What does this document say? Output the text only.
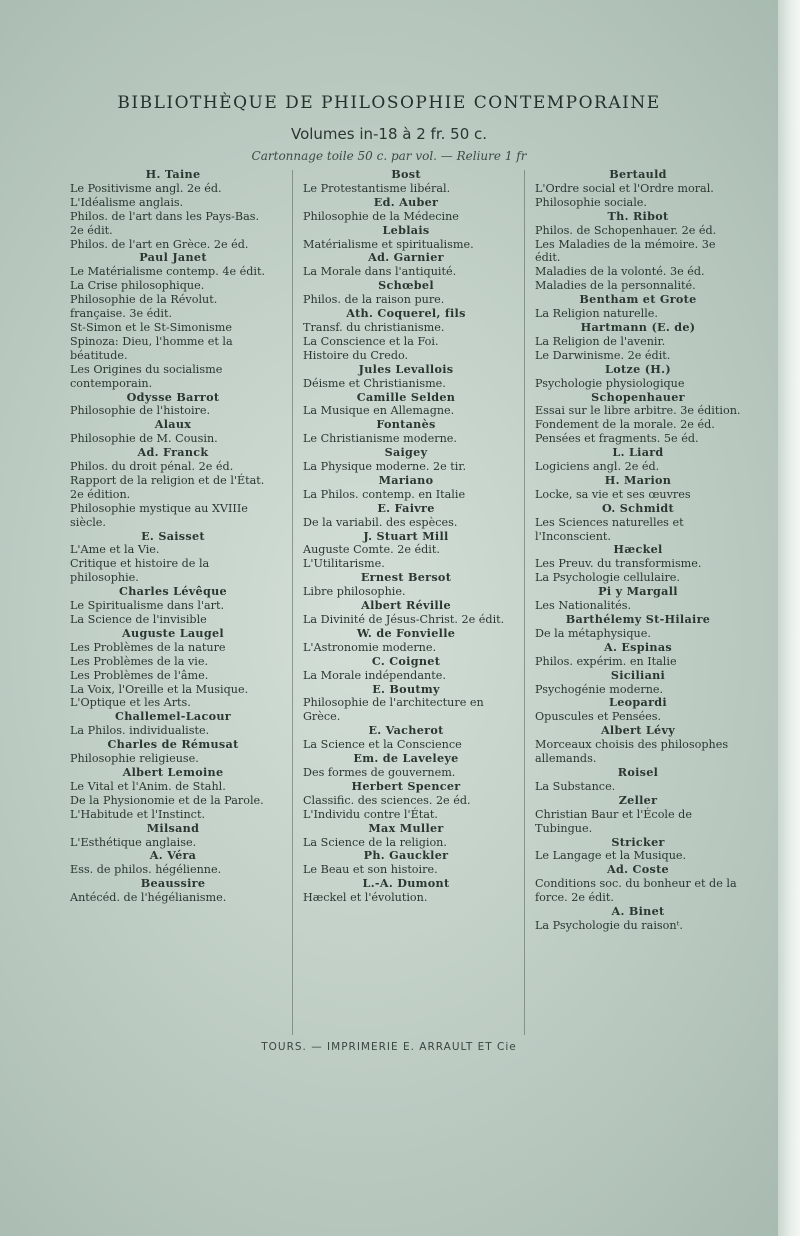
BIBLIOTHÈQUE DE PHILOSOPHIE CONTEMPORAINE
Volumes in-18 à 2 fr. 50 c.
Cartonnage toile 50 c. par vol. — Reliure 1 fr
H. Taine
Le Positivisme angl. 2e éd.
L'Idéalisme anglais.
Philos. de l'art dans les Pays-Bas. 2e édit.
Philos. de l'art en Grèce. 2e éd.
Paul Janet
Le Matérialisme contemp. 4e édit.
La Crise philosophique.
Philosophie de la Révolut. française. 3e édit.
St-Simon et le St-Simonisme
Spinoza: Dieu, l'homme et la béatitude.
Les Origines du socialisme contemporain.
Odysse Barrot
Philosophie de l'histoire.
Alaux
Philosophie de M. Cousin.
Ad. Franck
Philos. du droit pénal. 2e éd.
Rapport de la religion et de l'État. 2e édition.
Philosophie mystique au XVIIIe siècle.
E. Saisset
L'Ame et la Vie.
Critique et histoire de la philosophie.
Charles Lévêque
Le Spiritualisme dans l'art.
La Science de l'invisible
Auguste Laugel
Les Problèmes de la nature
Les Problèmes de la vie.
Les Problèmes de l'âme.
La Voix, l'Oreille et la Musique.
L'Optique et les Arts.
Challemel-Lacour
La Philos. individualiste.
Charles de Rémusat
Philosophie religieuse.
Albert Lemoine
Le Vital et l'Anim. de Stahl.
De la Physionomie et de la Parole.
L'Habitude et l'Instinct.
Milsand
L'Esthétique anglaise.
A. Véra
Ess. de philos. hégélienne.
Beaussire
Antécéd. de l'hégélianisme.
Bost
Le Protestantisme libéral.
Ed. Auber
Philosophie de la Médecine
Leblais
Matérialisme et spiritualisme.
Ad. Garnier
La Morale dans l'antiquité.
Schœbel
Philos. de la raison pure.
Ath. Coquerel, fils
Transf. du christianisme.
La Conscience et la Foi.
Histoire du Credo.
Jules Levallois
Déisme et Christianisme.
Camille Selden
La Musique en Allemagne.
Fontanès
Le Christianisme moderne.
Saigey
La Physique moderne. 2e tir.
Mariano
La Philos. contemp. en Italie
E. Faivre
De la variabil. des espèces.
J. Stuart Mill
Auguste Comte. 2e édit.
L'Utilitarisme.
Ernest Bersot
Libre philosophie.
Albert Réville
La Divinité de Jésus-Christ. 2e édit.
W. de Fonvielle
L'Astronomie moderne.
C. Coignet
La Morale indépendante.
E. Boutmy
Philosophie de l'architecture en Grèce.
E. Vacherot
La Science et la Conscience
Em. de Laveleye
Des formes de gouvernem.
Herbert Spencer
Classific. des sciences. 2e éd.
L'Individu contre l'État.
Max Muller
La Science de la religion.
Ph. Gauckler
Le Beau et son histoire.
L.-A. Dumont
Hæckel et l'évolution.
Bertauld
L'Ordre social et l'Ordre moral.
Philosophie sociale.
Th. Ribot
Philos. de Schopenhauer. 2e éd.
Les Maladies de la mémoire. 3e édit.
Maladies de la volonté. 3e éd.
Maladies de la personnalité.
Bentham et Grote
La Religion naturelle.
Hartmann (E. de)
La Religion de l'avenir.
Le Darwinisme. 2e édit.
Lotze (H.)
Psychologie physiologique
Schopenhauer
Essai sur le libre arbitre. 3e édition.
Fondement de la morale. 2e éd.
Pensées et fragments. 5e éd.
L. Liard
Logiciens angl. 2e éd.
H. Marion
Locke, sa vie et ses œuvres
O. Schmidt
Les Sciences naturelles et l'Inconscient.
Hæckel
Les Preuv. du transformisme.
La Psychologie cellulaire.
Pi y Margall
Les Nationalités.
Barthélemy St-Hilaire
De la métaphysique.
A. Espinas
Philos. expérim. en Italie
Siciliani
Psychogénie moderne.
Leopardi
Opuscules et Pensées.
Albert Lévy
Morceaux choisis des philosophes allemands.
Roisel
La Substance.
Zeller
Christian Baur et l'École de Tubingue.
Stricker
Le Langage et la Musique.
Ad. Coste
Conditions soc. du bonheur et de la force. 2e édit.
A. Binet
La Psychologie du raisonᵗ.
TOURS. — IMPRIMERIE E. ARRAULT ET Cie
